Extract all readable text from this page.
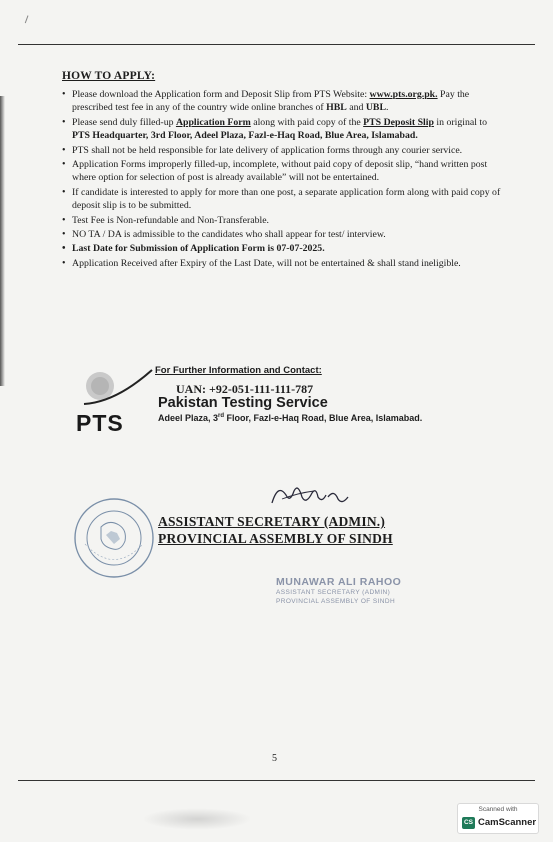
HOW TO APPLY:
• Please download the Application form and Deposit Slip from PTS Website: www.pts.org.pk. Pay the prescribed test fee in any of the country wide online branches of HBL and UBL.
• Please send duly filled-up Application Form along with paid copy of the PTS Deposit Slip in original to PTS Headquarter, 3rd Floor, Adeel Plaza, Fazl-e-Haq Road, Blue Area, Islamabad.
• PTS shall not be held responsible for late delivery of application forms through any courier service.
• Application Forms improperly filled-up, incomplete, without paid copy of deposit slip, “hand written post where option for selection of post is already available” will not be entertained.
• If candidate is interested to apply for more than one post, a separate application form along with paid copy of deposit slip is to be submitted.
• Test Fee is Non-refundable and Non-Transferable.
• NO TA / DA is admissible to the candidates who shall appear for test/ interview.
• Last Date for Submission of Application Form is 07-07-2025.
• Application Received after Expiry of the Last Date, will not be entertained & shall stand ineligible.
PTS
For Further Information and Contact:
UAN: +92-051-111-111-787
Pakistan Testing Service
Adeel Plaza, 3rd Floor, Fazl-e-Haq Road, Blue Area, Islamabad.
ASSISTANT SECRETARY (ADMIN.)
PROVINCIAL ASSEMBLY OF SINDH
MUNAWAR ALI RAHOO
ASSISTANT SECRETARY (ADMIN)
PROVINCIAL ASSEMBLY OF SINDH
5
Scanned with
CS CamScanner
